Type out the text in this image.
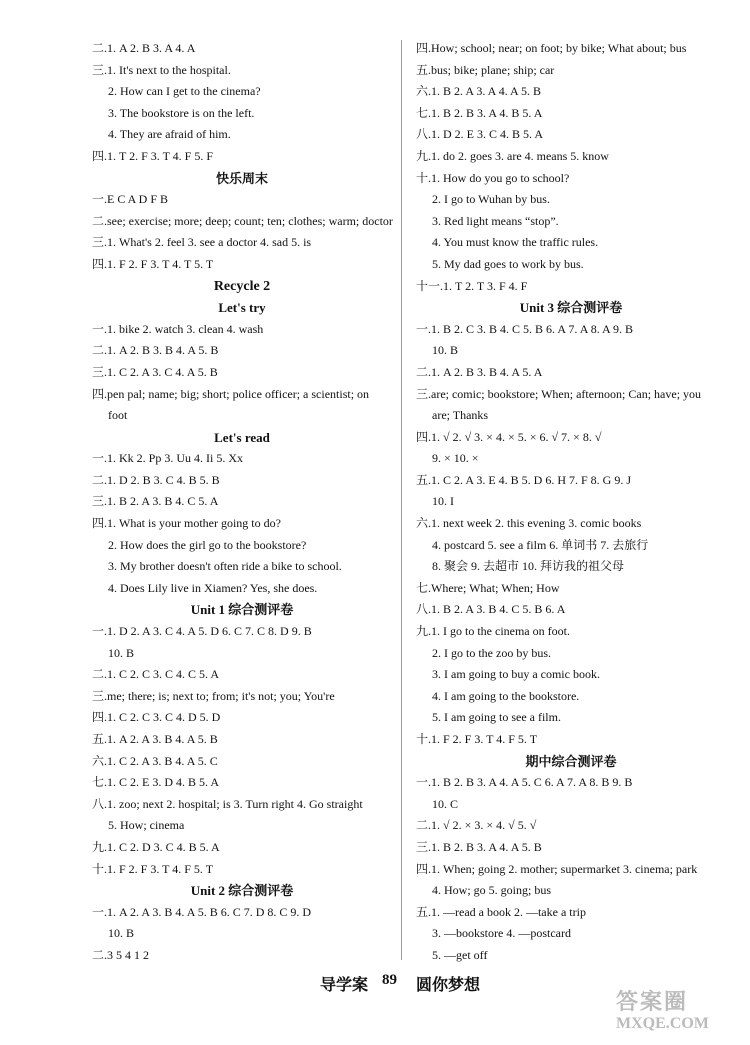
二.1. A 2. B 3. A 4. A
三.1. It's next to the hospital.
2. How can I get to the cinema?
3. The bookstore is on the left.
4. They are afraid of him.
四.1. T 2. F 3. T 4. F 5. F
快乐周末
一.E C A D F B
二.see; exercise; more; deep; count; ten; clothes; warm; doctor
三.1. What's 2. feel 3. see a doctor 4. sad 5. is
四.1. F 2. F 3. T 4. T 5. T
Recycle 2
Let's try
一.1. bike 2. watch 3. clean 4. wash
二.1. A 2. B 3. B 4. A 5. B
三.1. C 2. A 3. C 4. A 5. B
四.pen pal; name; big; short; police officer; a scientist; on
foot
Let's read
一.1. Kk 2. Pp 3. Uu 4. Ii 5. Xx
二.1. D 2. B 3. C 4. B 5. B
三.1. B 2. A 3. B 4. C 5. A
四.1. What is your mother going to do?
2. How does the girl go to the bookstore?
3. My brother doesn't often ride a bike to school.
4. Does Lily live in Xiamen? Yes, she does.
Unit 1 综合测评卷
一.1. D 2. A 3. C 4. A 5. D 6. C 7. C 8. D 9. B
10. B
二.1. C 2. C 3. C 4. C 5. A
三.me; there; is; next to; from; it's not; you; You're
四.1. C 2. C 3. C 4. D 5. D
五.1. A 2. A 3. B 4. A 5. B
六.1. C 2. A 3. B 4. A 5. C
七.1. C 2. E 3. D 4. B 5. A
八.1. zoo; next 2. hospital; is 3. Turn right 4. Go straight
5. How; cinema
九.1. C 2. D 3. C 4. B 5. A
十.1. F 2. F 3. T 4. F 5. T
Unit 2 综合测评卷
一.1. A 2. A 3. B 4. A 5. B 6. C 7. D 8. C 9. D
10. B
二.3 5 4 1 2
四.How; school; near; on foot; by bike; What about; bus
五.bus; bike; plane; ship; car
六.1. B 2. A 3. A 4. A 5. B
七.1. B 2. B 3. A 4. B 5. A
八.1. D 2. E 3. C 4. B 5. A
九.1. do 2. goes 3. are 4. means 5. know
十.1. How do you go to school?
2. I go to Wuhan by bus.
3. Red light means “stop”.
4. You must know the traffic rules.
5. My dad goes to work by bus.
十一.1. T 2. T 3. F 4. F
Unit 3 综合测评卷
一.1. B 2. C 3. B 4. C 5. B 6. A 7. A 8. A 9. B
10. B
二.1. A 2. B 3. B 4. A 5. A
三.are; comic; bookstore; When; afternoon; Can; have; you
are; Thanks
四.1. √ 2. √ 3. × 4. × 5. × 6. √ 7. × 8. √
9. × 10. ×
五.1. C 2. A 3. E 4. B 5. D 6. H 7. F 8. G 9. J
10. I
六.1. next week 2. this evening 3. comic books
4. postcard 5. see a film 6. 单词书 7. 去旅行
8. 聚会 9. 去超市 10. 拜访我的祖父母
七.Where; What; When; How
八.1. B 2. A 3. B 4. C 5. B 6. A
九.1. I go to the cinema on foot.
2. I go to the zoo by bus.
3. I am going to buy a comic book.
4. I am going to the bookstore.
5. I am going to see a film.
十.1. F 2. F 3. T 4. F 5. T
期中综合测评卷
一.1. B 2. B 3. A 4. A 5. C 6. A 7. A 8. B 9. B
10. C
二.1. √ 2. × 3. × 4. √ 5. √
三.1. B 2. B 3. A 4. A 5. B
四.1. When; going 2. mother; supermarket 3. cinema; park
4. How; go 5. going; bus
五.1. —read a book 2. —take a trip
3. —bookstore 4. —postcard
5. —get off
导学案 89 圆你梦想
答案圈
MXQE.COM
